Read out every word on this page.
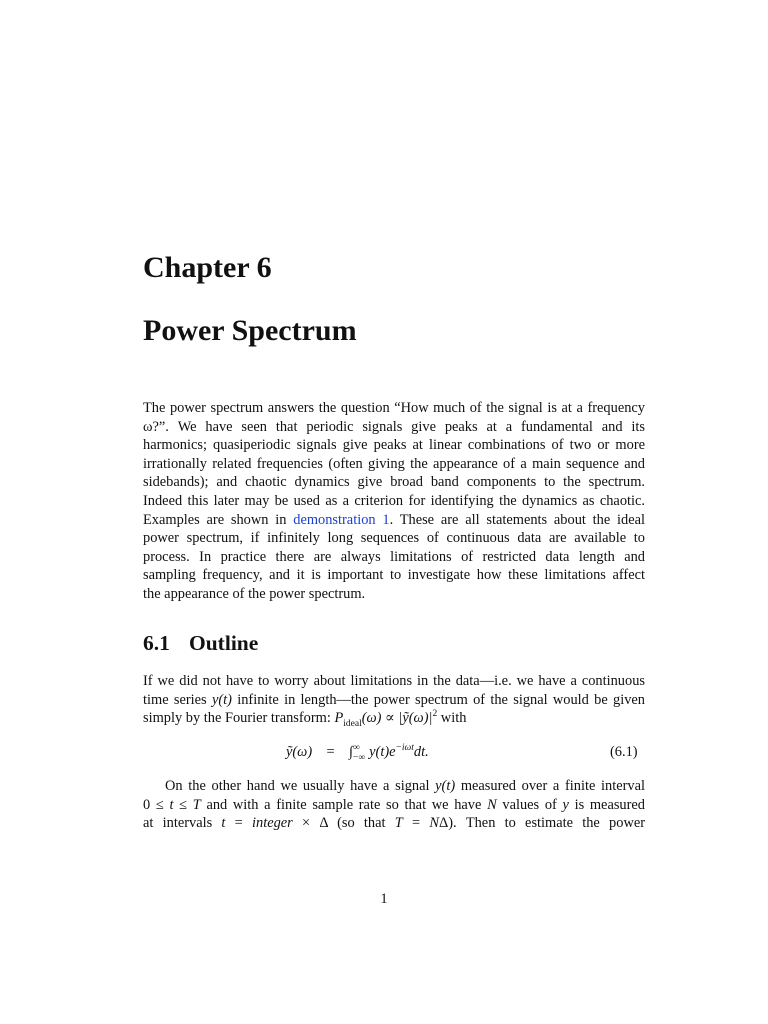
Chapter 6
Power Spectrum
The power spectrum answers the question “How much of the signal is at a frequency
ω?”. We have seen that periodic signals give peaks at a fundamental and its
harmonics; quasiperiodic signals give peaks at linear combinations of two or more
irrationally related frequencies (often giving the appearance of a main sequence and
sidebands); and chaotic dynamics give broad band components to the spectrum.
Indeed this later may be used as a criterion for identifying the dynamics as chaotic.
Examples are shown in demonstration 1. These are all statements about the ideal
power spectrum, if infinitely long sequences of continuous data are available to
process. In practice there are always limitations of restricted data length and
sampling frequency, and it is important to investigate how these limitations affect
the appearance of the power spectrum.
6.1 Outline
If we did not have to worry about limitations in the data—i.e. we have a continuous
time series y(t) infinite in length—the power spectrum of the signal would be given
simply by the Fourier transform: $P_{ideal}(\omega)$ ∝ $|ỹ(\omega)|^2$ with
ỹ(ω) = ∫ ∞
−∞ $y(t)e^{-i\omega t}dt$.	(6.1)
On the other hand we usually have a signal y(t) measured over a finite interval
0 ≤ t ≤ T and with a finite sample rate so that we have N values of y is measured
at intervals t = integer × Δ (so that T = NΔ). Then to estimate the power
1
